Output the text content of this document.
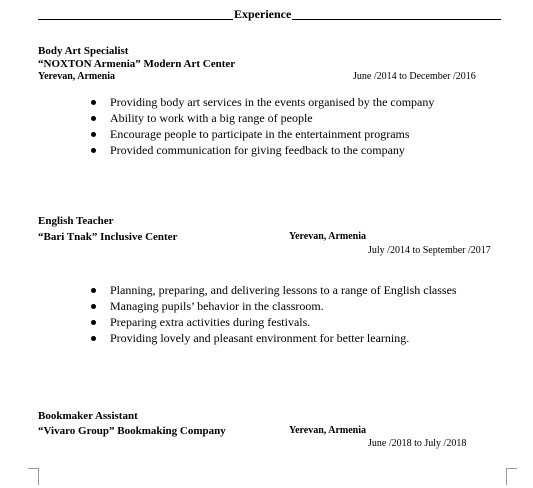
Experience
Body Art Specialist
“NOXTON Armenia” Modern Art Center
Yerevan, Armenia	June /2014 to December /2016
Providing body art services in the events organised by the company
Ability to work with a big range of people
Encourage people to participate in the entertainment programs
Provided communication for giving feedback to the company
English Teacher
“Bari Tnak” Inclusive Center	Yerevan, Armenia
July /2014 to September /2017
Planning, preparing, and delivering lessons to a range of English classes
Managing pupils’ behavior in the classroom.
Preparing extra activities during festivals.
Providing lovely and pleasant environment for better learning.
Bookmaker Assistant
“Vivaro Group” Bookmaking Company	Yerevan, Armenia
June /2018 to July /2018
